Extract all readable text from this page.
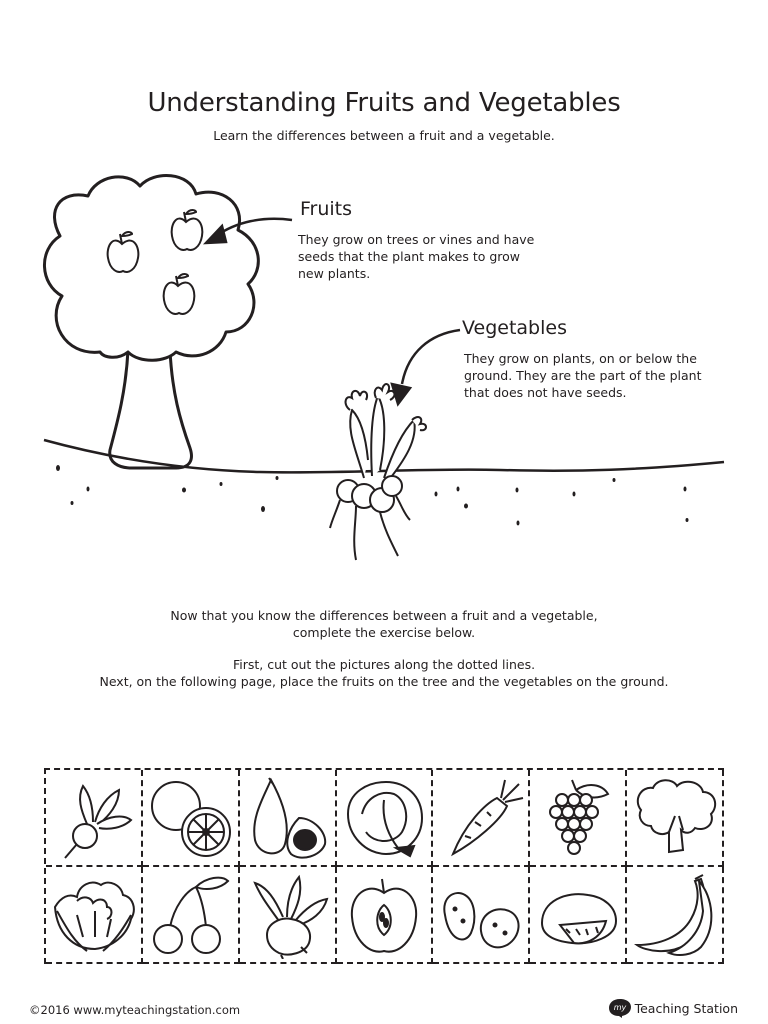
Understanding Fruits and Vegetables
Learn the differences between a fruit and a vegetable.
Fruits
They grow on trees or vines and have seeds that the plant makes to grow new plants.
Vegetables
They grow on plants, on or below the ground. They are the part of the plant that does not have seeds.
Now that you know the differences between a fruit and a vegetable,
complete the exercise below.
First, cut out the pictures along the dotted lines.
Next, on the following page, place the fruits on the tree and the vegetables on the ground.
©2016 www.myteachingstation.com	my Teaching Station
